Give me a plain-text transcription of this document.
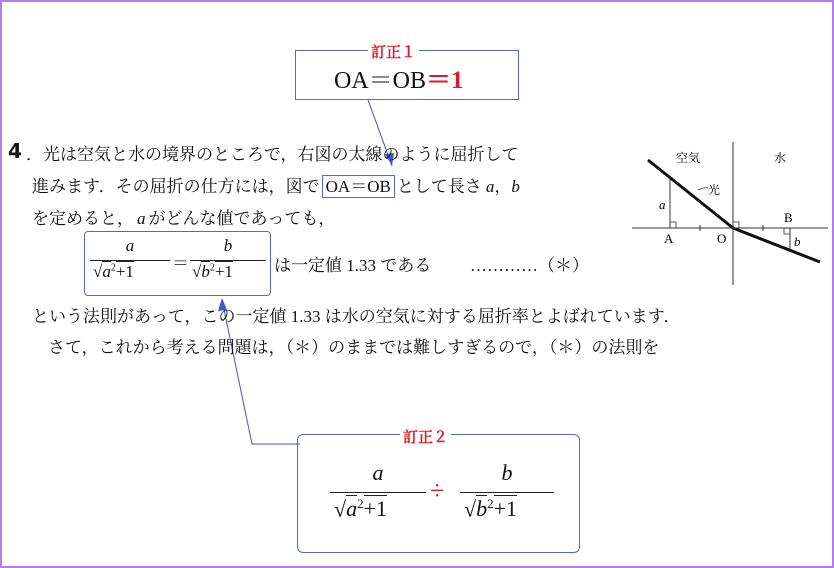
訂正１
OA＝OB＝1
4 ．光は空気と水の境界のところで，右図の太線のように屈折して
進みます．その屈折の仕方には，図で OA＝OB として長さ a，b
を定めると， a がどんな値であっても，
a
$√a^2+1$ ＝
b
$√b^2+1$ は一定値 1.33 である …………（＊）
という法則があって，この一定値 1.33 は水の空気に対する屈折率とよばれています．
さて，これから考える問題は，（＊）のままでは難しすぎるので，（＊）の法則を
訂正２
a
$√a^2+1$
÷
b
$√b^2+1$
空気	水
光
a
A	O
B
b
